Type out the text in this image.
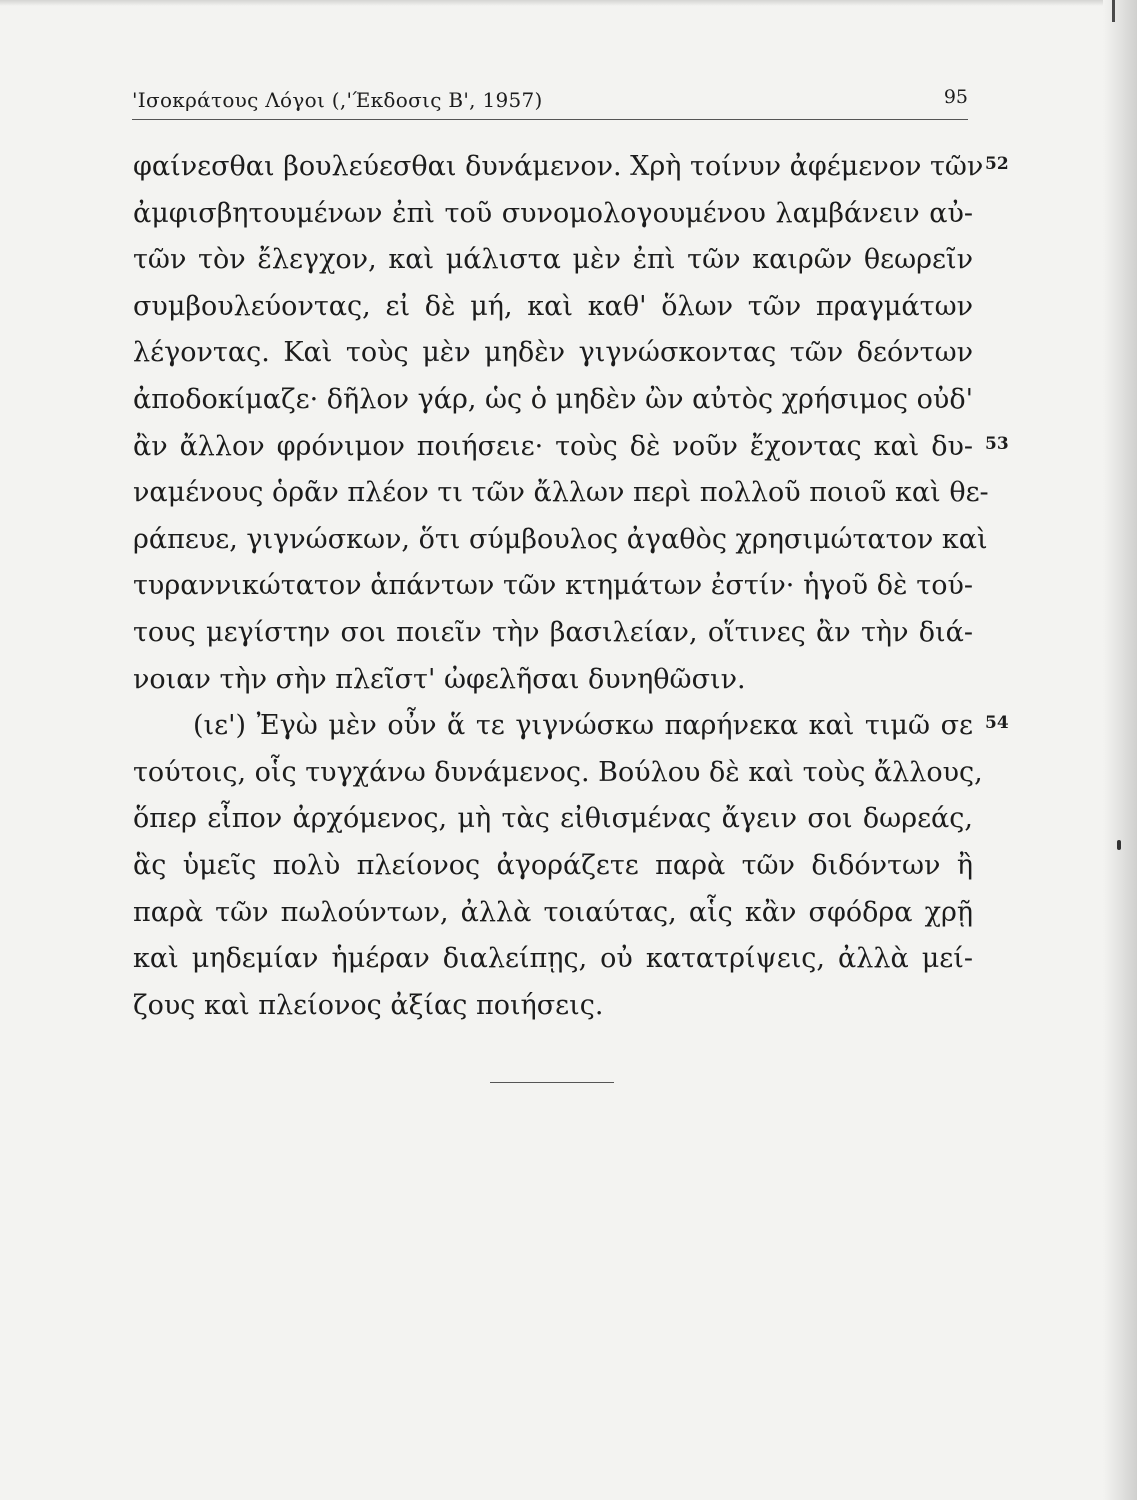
'Ισοκράτους Λόγοι (,'Έκδοσις Β', 1957)	95
φαίνεσθαι βουλεύεσθαι δυνάμενον. Χρὴ τοίνυν ἀφέμενον τῶν 52
ἀμφισβητουμένων ἐπὶ τοῦ συνομολογουμένου λαμβάνειν αὐ-
τῶν τὸν ἔλεγχον, καὶ μάλιστα μὲν ἐπὶ τῶν καιρῶν θεωρεῖν
συμβουλεύοντας, εἰ δὲ μή, καὶ καθ' ὅλων τῶν πραγμάτων
λέγοντας. Καὶ τοὺς μὲν μηδὲν γιγνώσκοντας τῶν δεόντων
ἀποδοκίμαζε· δῆλον γάρ, ὡς ὁ μηδὲν ὢν αὐτὸς χρήσιμος οὐδ'
ἂν ἄλλον φρόνιμον ποιήσειε· τοὺς δὲ νοῦν ἔχοντας καὶ δυ- 53
ναμένους ὁρᾶν πλέον τι τῶν ἄλλων περὶ πολλοῦ ποιοῦ καὶ θε-
ράπευε, γιγνώσκων, ὅτι σύμβουλος ἀγαθὸς χρησιμώτατον καὶ
τυραννικώτατον ἁπάντων τῶν κτημάτων ἐστίν· ἡγοῦ δὲ τού-
τους μεγίστην σοι ποιεῖν τὴν βασιλείαν, οἵτινες ἂν τὴν διά-
νοιαν τὴν σὴν πλεῖστ' ὠφελῆσαι δυνηθῶσιν.
(ιε') Ἐγὼ μὲν οὖν ἅ τε γιγνώσκω παρήνεκα καὶ τιμῶ σε 54
τούτοις, οἷς τυγχάνω δυνάμενος. Βούλου δὲ καὶ τοὺς ἄλλους,
ὅπερ εἶπον ἀρχόμενος, μὴ τὰς εἰθισμένας ἄγειν σοι δωρεάς,
ἃς ὑμεῖς πολὺ πλείονος ἀγοράζετε παρὰ τῶν διδόντων ἢ
παρὰ τῶν πωλούντων, ἀλλὰ τοιαύτας, αἷς κἂν σφόδρα χρῇ
καὶ μηδεμίαν ἡμέραν διαλείπῃς, οὐ κατατρίψεις, ἀλλὰ μεί-
ζους καὶ πλείονος ἀξίας ποιήσεις.
